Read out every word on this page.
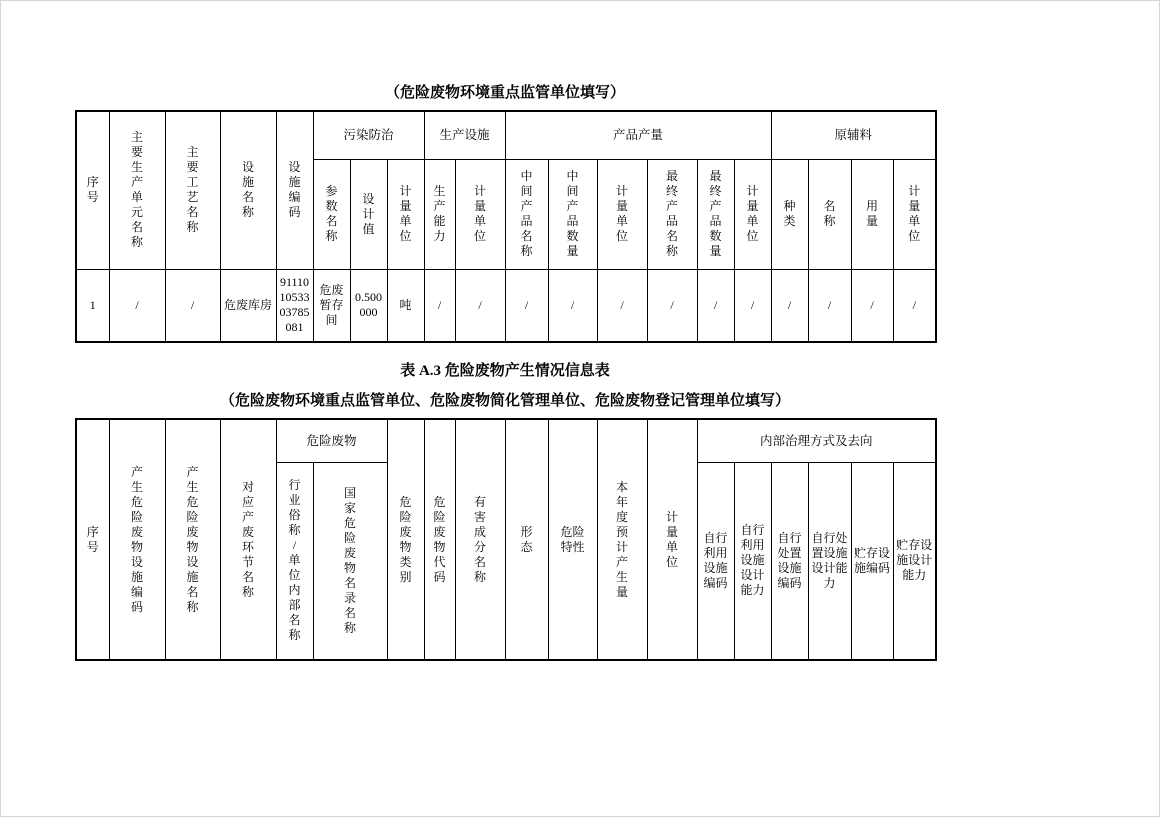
（危险废物环境重点监管单位填写）
序号	主要生产单元名称	主要工艺名称	设施名称	设施编码	污染防治			生产设施		产品产量						原辅料			
					参数名称	设计值	计量单位	生产能力	计量单位	中间产品名称	中间产品数量	计量单位	最终产品名称	最终产品数量	计量单位	种类	名称	用量	计量单位
1	/	/	危废库房	911101053303785081	危废暂存间	0.500000	吨	/	/	/	/	/	/	/	/	/	/	/	/
表 A.3 危险废物产生情况信息表
（危险废物环境重点监管单位、危险废物简化管理单位、危险废物登记管理单位填写）
序号	产生危险废物设施编码	产生危险废物设施名称	对应产废环节名称	危险废物		危险废物类别	危险废物代码	有害成分名称	形态	危险特性	本年度预计产生量	计量单位	内部治理方式及去向					
				行业俗称/单位内部名称	国家危险废物名录名称								自行利用设施编码	自行利用设施设计能力	自行处置设施编码	自行处置设施设计能力	贮存设施编码	贮存设施设计能力
